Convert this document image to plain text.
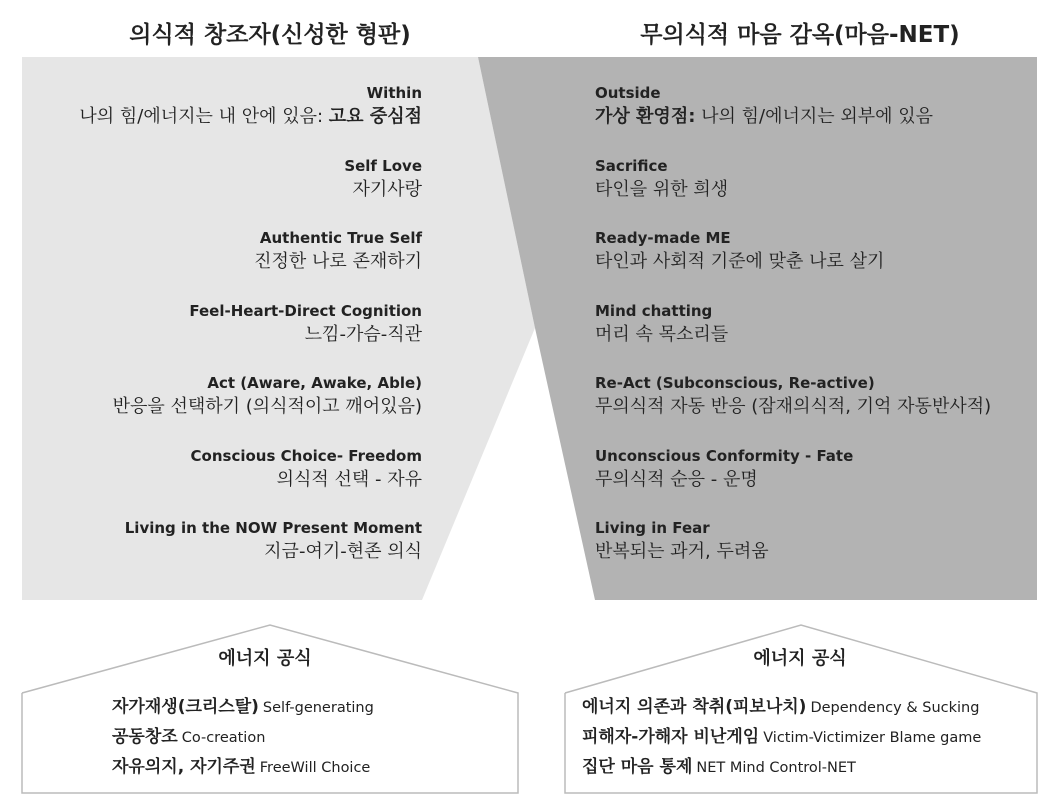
의식적 창조자(신성한 형판)	무의식적 마음 감옥(마음-NET)
Within
나의 힘/에너지는 내 안에 있음: 고요 중심점
Self Love
자기사랑
Authentic True Self
진정한 나로 존재하기
Feel-Heart-Direct Cognition
느낌-가슴-직관
Act (Aware, Awake, Able)
반응을 선택하기 (의식적이고 깨어있음)
Conscious Choice- Freedom
의식적 선택 - 자유
Living in the NOW Present Moment
지금-여기-현존 의식
Outside
가상 환영점: 나의 힘/에너지는 외부에 있음
Sacrifice
타인을 위한 희생
Ready-made ME
타인과 사회적 기준에 맞춘 나로 살기
Mind chatting
머리 속 목소리들
Re-Act (Subconscious, Re-active)
무의식적 자동 반응 (잠재의식적, 기억 자동반사적)
Unconscious Conformity - Fate
무의식적 순응 - 운명
Living in Fear
반복되는 과거, 두려움
에너지 공식	에너지 공식
자가재생(크리스탈) Self-generating
공동창조 Co-creation
자유의지, 자기주권 FreeWill Choice
에너지 의존과 착취(피보나치) Dependency & Sucking
피해자-가해자 비난게임 Victim-Victimizer Blame game
집단 마음 통제 NET Mind Control-NET
